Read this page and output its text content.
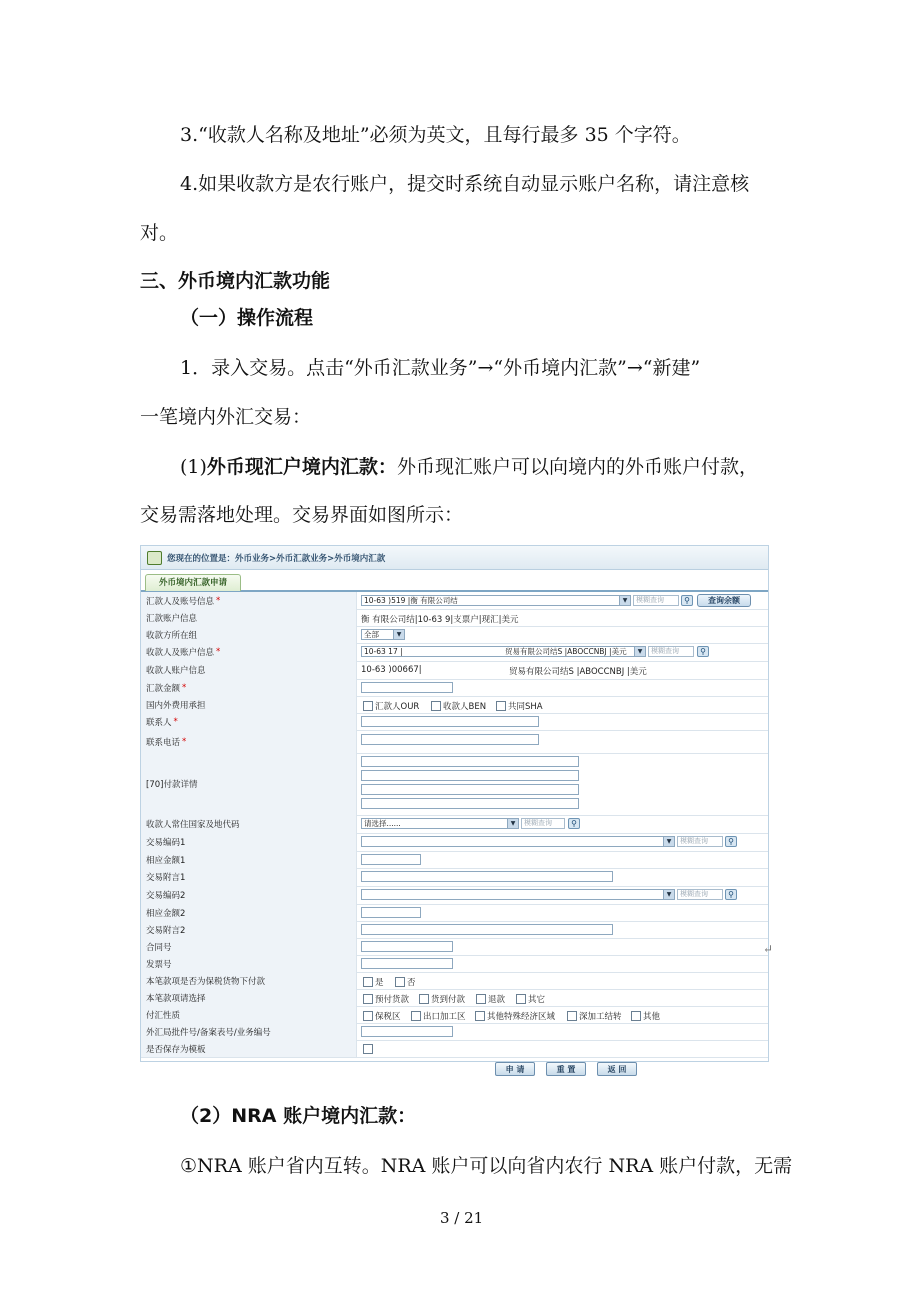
3.“收款人名称及地址”必须为英文，且每行最多 35 个字符。
4.如果收款方是农行账户，提交时系统自动显示账户名称，请注意核
对。
三、外币境内汇款功能
（一）操作流程
1．录入交易。点击“外币汇款业务”→“外币境内汇款”→“新建”
一笔境内外汇交易：
(1)外币现汇户境内汇款：外币现汇账户可以向境内的外币账户付款，
交易需落地处理。交易界面如图所示：
您现在的位置是：外币业务>外币汇款业务>外币境内汇款
外币境内汇款申请
汇款人及账号信息 *	10-63 )519 |衡 有限公司结	▼	模糊查询	⚲	查询余额
汇款账户信息	衡 有限公司结|10-63 9|支票户|现汇|美元
收款方所在组	全部	▼
收款人及账户信息 *	10-63 17 |	贸易有限公司结S |ABOCCNBJ |美元	▼	模糊查询	⚲
收款人账户信息	10-63 )00667|	贸易有限公司结S |ABOCCNBJ |美元
汇款金额 *
国内外费用承担	汇款人OUR	收款人BEN	共同SHA
联系人 *
联系电话 *
[70]付款详情
收款人常住国家及地代码	请选择......	▼	模糊查询	⚲
交易编码1	▼	模糊查询	⚲
相应金额1
交易附言1
交易编码2	▼	模糊查询	⚲
相应金额2
交易附言2
合同号
发票号
本笔款项是否为保税货物下付款	是	否
本笔款项请选择	预付货款	货到付款	退款	其它
付汇性质	保税区	出口加工区	其他特殊经济区域	深加工结转	其他
外汇局批件号/备案表号/业务编号
是否保存为模板
申 请	重 置	返 回
↵
（2）NRA 账户境内汇款：
①NRA 账户省内互转。NRA 账户可以向省内农行 NRA 账户付款，无需
3 / 21
